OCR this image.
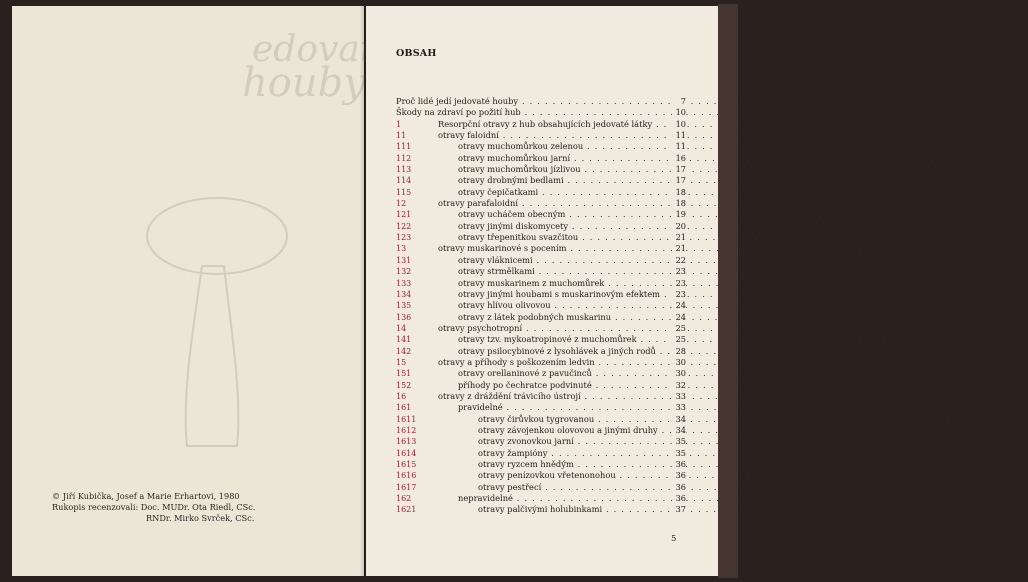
houby
edovaté
© Jiří Kubička, Josef a Marie Erhartovi, 1980
Rukopis recenzovali: Doc. MUDr. Ota Riedl, CSc.
RNDr. Mirko Svrček, CSc.
OBSAH
Proč lidé jedí jedovaté houby . . .	7
Škody na zdraví po požití hub . . .	10
1	Resorpční otravy z hub obsahujících jedovaté látky . . .	10
11	otravy faloidní . . .	11
111	otravy muchomůrkou zelenou . . .	11
112	otravy muchomůrkou jarní . . .	16
113	otravy muchomůrkou jízlivou . . .	17
114	otravy drobnými bedlami . . .	17
115	otravy čepičatkami . . .	18
12	otravy parafaloidní . . .	18
121	otravy ucháčem obecným . . .	19
122	otravy jinými diskomycety . . .	20
123	otravy třepenitkou svazčitou . . .	21
13	otravy muskarinové s pocením . . .	21
131	otravy vláknicemi . . .	22
132	otravy strmělkami . . .	23
133	otravy muskarinem z muchomůrek . . .	23
134	otravy jinými houbami s muskarinovým efektem . . .	23
135	otravy hlívou olivovou . . .	24
136	otravy z látek podobných muskarinu . . .	24
14	otravy psychotropní . . .	25
141	otravy tzv. mykoatropinové z muchomůrek . . .	25
142	otravy psilocybinové z lysohlávek a jiných rodů . . .	28
15	otravy a příhody s poškozením ledvin . . .	30
151	otravy orellaninové z pavučinců . . .	30
152	příhody po čechratce podvinuté . . .	32
16	otravy z dráždění trávicího ústrojí . . .	33
161	pravidelné . . .	33
1611	otravy čirůvkou tygrovanou . . .	34
1612	otravy závojenkou olovovou a jinými druhy . . .	34
1613	otravy zvonovkou jarní . . .	35
1614	otravy žampióny . . .	35
1615	otravy ryzcem hnědým . . .	36
1616	otravy penízovkou vřetenonohou . . .	36
1617	otravy pestřecí . . .	36
162	nepravidelné . . .	36
1621	otravy palčivými holubinkami . . .	37
5
